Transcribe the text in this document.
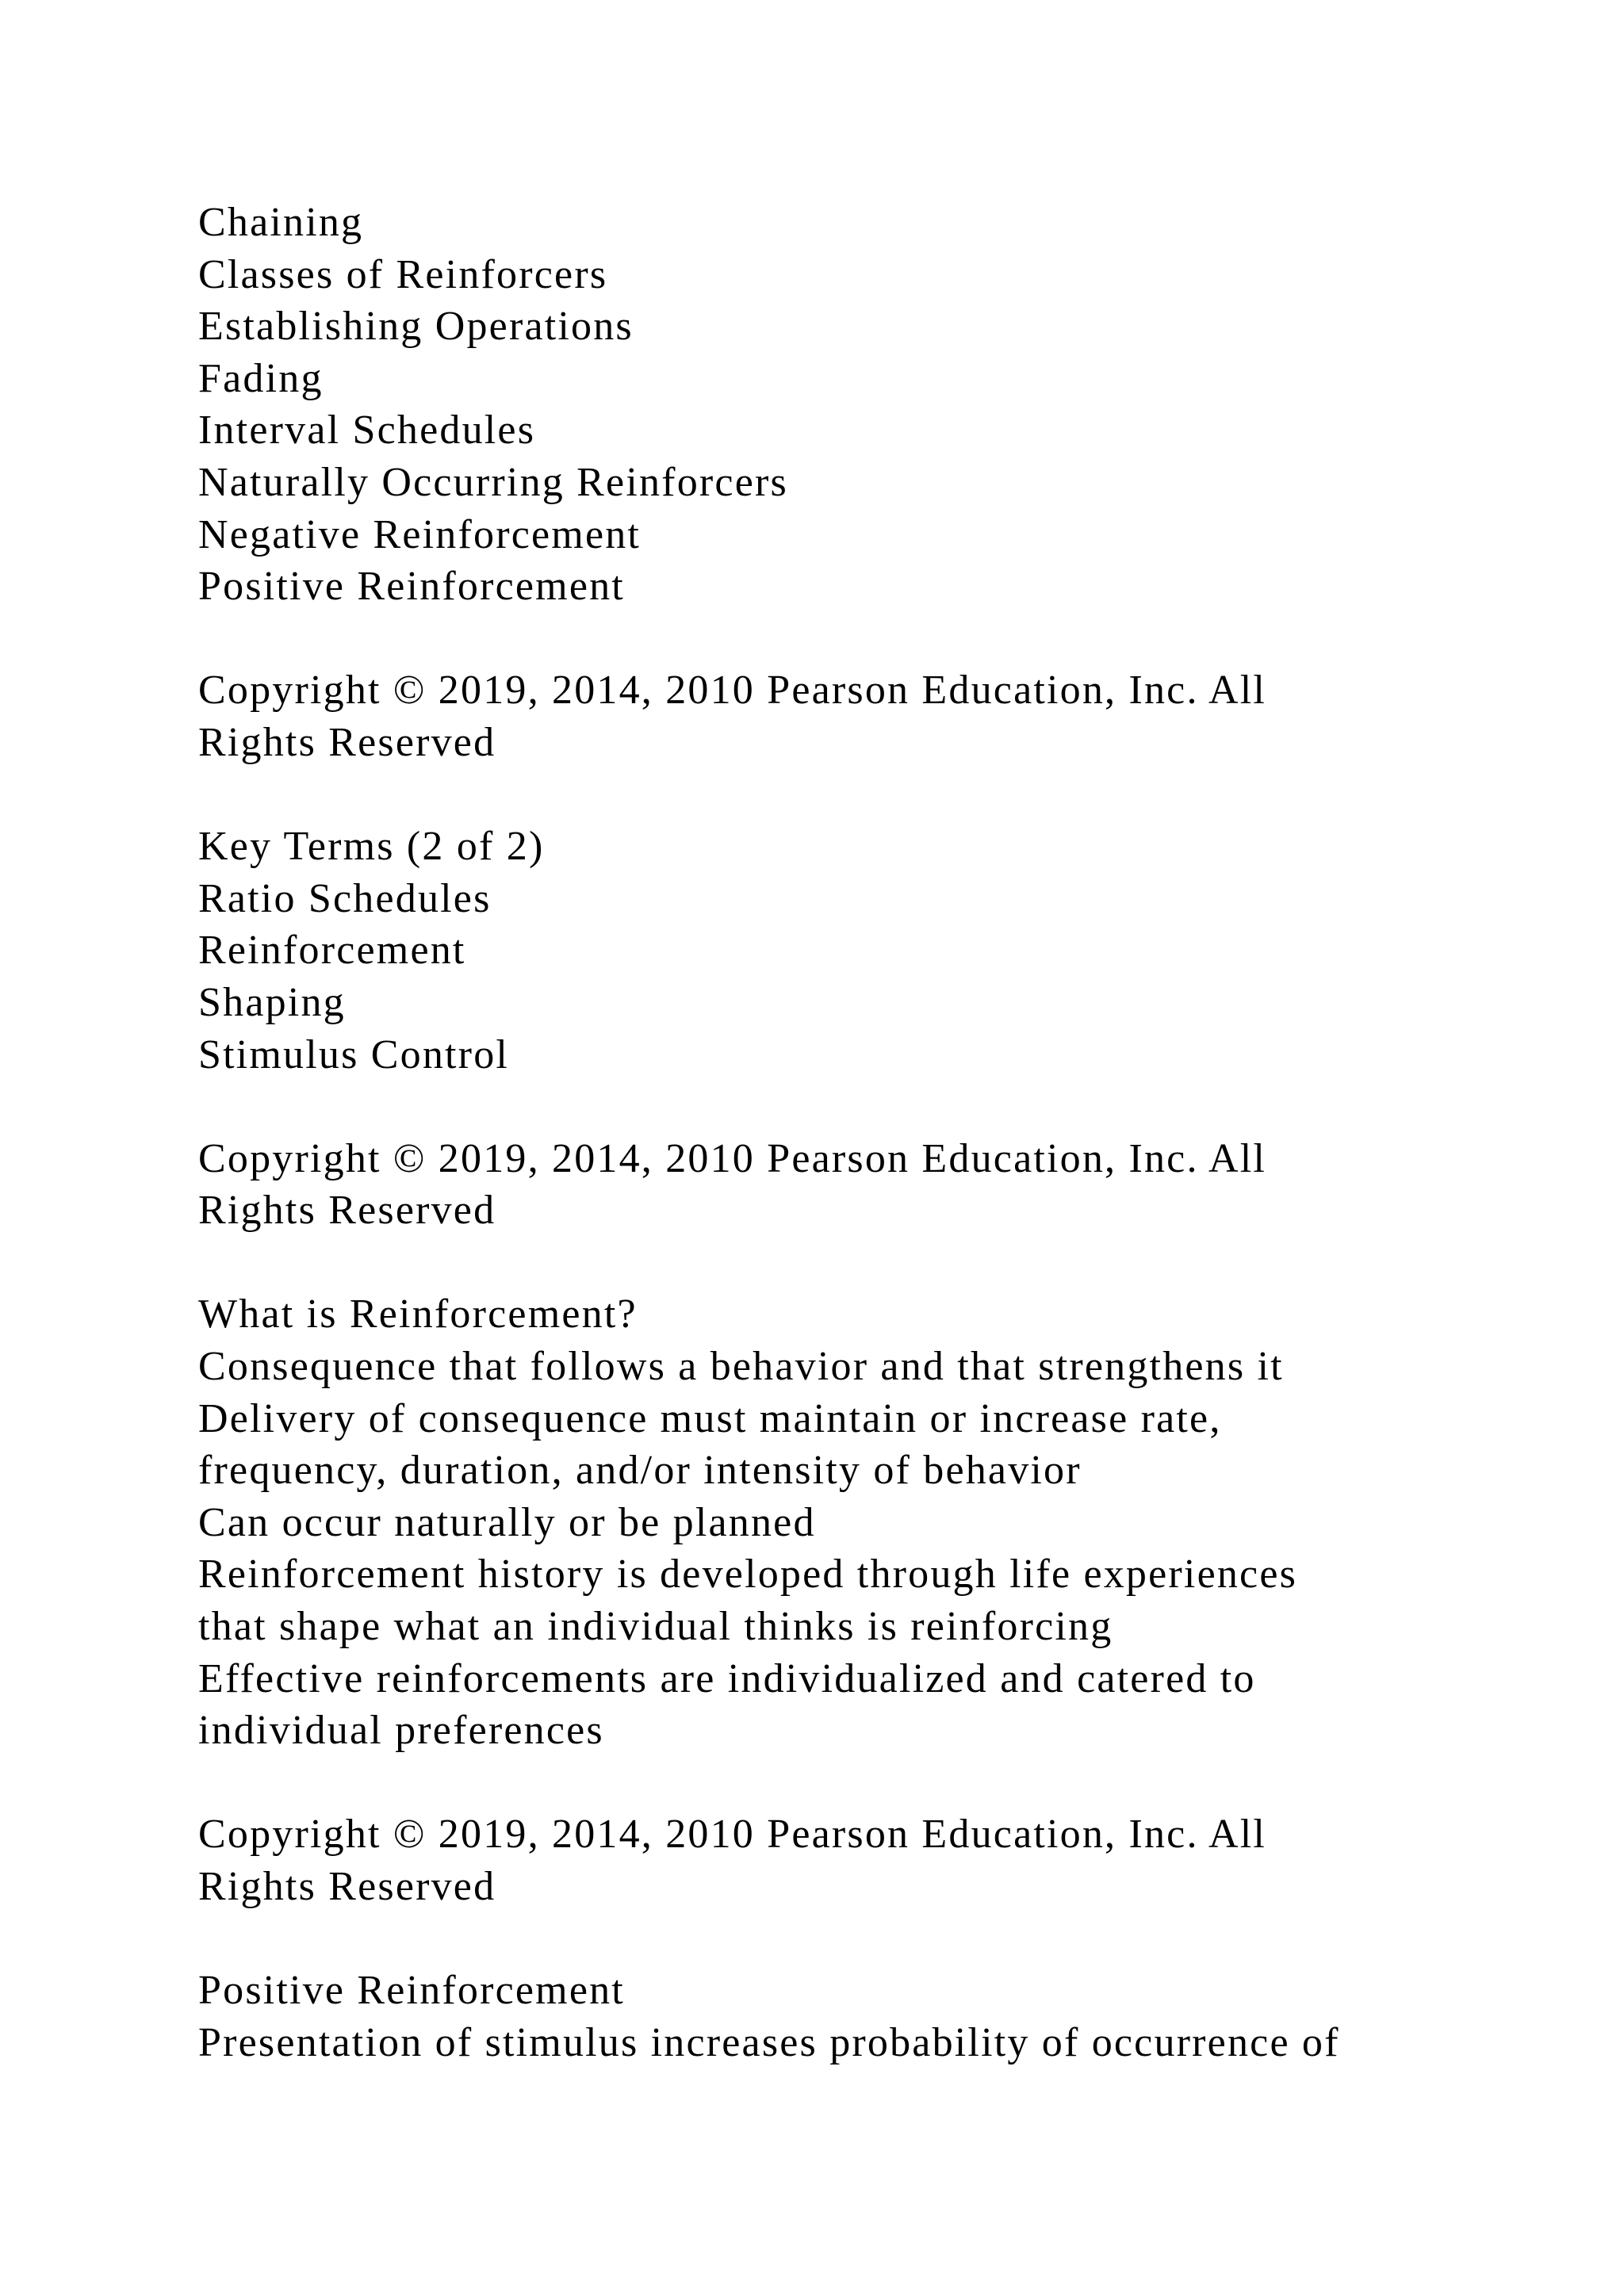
Chaining
Classes of Reinforcers
Establishing Operations
Fading
Interval Schedules
Naturally Occurring Reinforcers
Negative Reinforcement
Positive Reinforcement
Copyright © 2019, 2014, 2010 Pearson Education, Inc. All
Rights Reserved
Key Terms (2 of 2)
Ratio Schedules
Reinforcement
Shaping
Stimulus Control
Copyright © 2019, 2014, 2010 Pearson Education, Inc. All
Rights Reserved
What is Reinforcement?
Consequence that follows a behavior and that strengthens it
Delivery of consequence must maintain or increase rate,
frequency, duration, and/or intensity of behavior
Can occur naturally or be planned
Reinforcement history is developed through life experiences
that shape what an individual thinks is reinforcing
Effective reinforcements are individualized and catered to
individual preferences
Copyright © 2019, 2014, 2010 Pearson Education, Inc. All
Rights Reserved
Positive Reinforcement
Presentation of stimulus increases probability of occurrence of
